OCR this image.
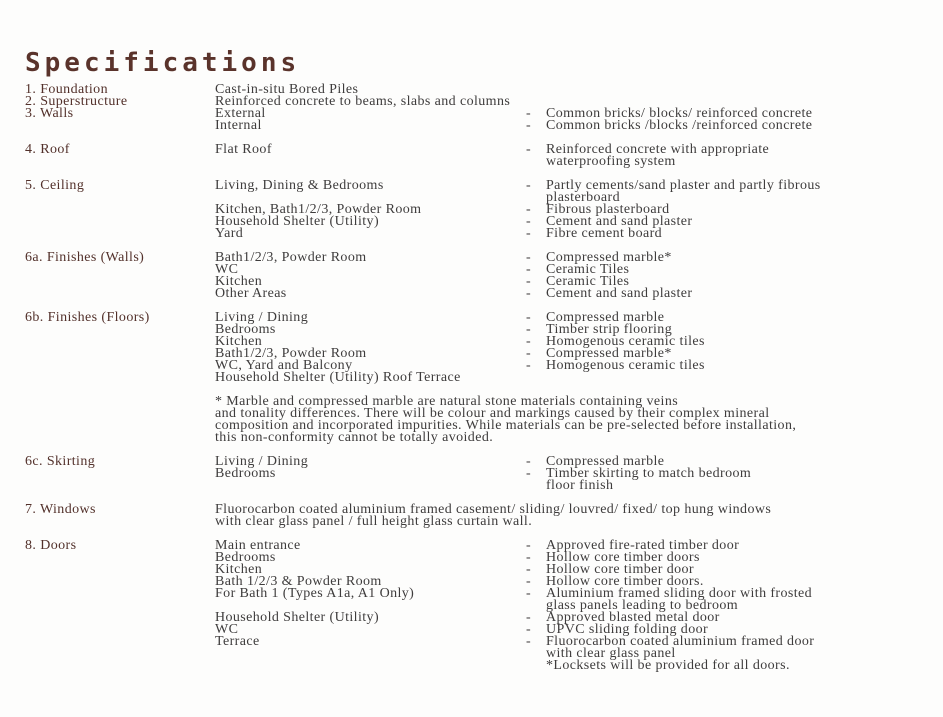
Specifications
1. Foundation	Cast-in-situ Bored Piles
2. Superstructure	Reinforced concrete to beams, slabs and columns
3. Walls	External	-	Common bricks/ blocks/ reinforced concrete
Internal	-	Common bricks /blocks /reinforced concrete
4. Roof	Flat Roof	-	Reinforced concrete with appropriate
waterproofing system
5. Ceiling	Living, Dining & Bedrooms	-	Partly cements/sand plaster and partly fibrous
plasterboard
Kitchen, Bath1/2/3, Powder Room	-	Fibrous plasterboard
Household Shelter (Utility)	-	Cement and sand plaster
Yard	-	Fibre cement board
6a. Finishes (Walls)	Bath1/2/3, Powder Room	-	Compressed marble*
WC	-	Ceramic Tiles
Kitchen	-	Ceramic Tiles
Other Areas	-	Cement and sand plaster
6b. Finishes (Floors)	Living / Dining	-	Compressed marble
Bedrooms	-	Timber strip flooring
Kitchen	-	Homogenous ceramic tiles
Bath1/2/3, Powder Room	-	Compressed marble*
WC, Yard and Balcony	-	Homogenous ceramic tiles
Household Shelter (Utility) Roof Terrace
* Marble and compressed marble are natural stone materials containing veins
and tonality differences. There will be colour and markings caused by their complex mineral
composition and incorporated impurities. While materials can be pre-selected before installation,
this non-conformity cannot be totally avoided.
6c. Skirting	Living / Dining	-	Compressed marble
Bedrooms	-	Timber skirting to match bedroom
floor finish
7. Windows	Fluorocarbon coated aluminium framed casement/ sliding/ louvred/ fixed/ top hung windows
with clear glass panel / full height glass curtain wall.
8. Doors	Main entrance	-	Approved fire-rated timber door
Bedrooms	-	Hollow core timber doors
Kitchen	-	Hollow core timber door
Bath 1/2/3 & Powder Room	-	Hollow core timber doors.
For Bath 1 (Types A1a, A1 Only)	-	Aluminium framed sliding door with frosted
glass panels leading to bedroom
Household Shelter (Utility)	-	Approved blasted metal door
WC	-	UPVC sliding folding door
Terrace	-	Fluorocarbon coated aluminium framed door
with clear glass panel
*Locksets will be provided for all doors.
